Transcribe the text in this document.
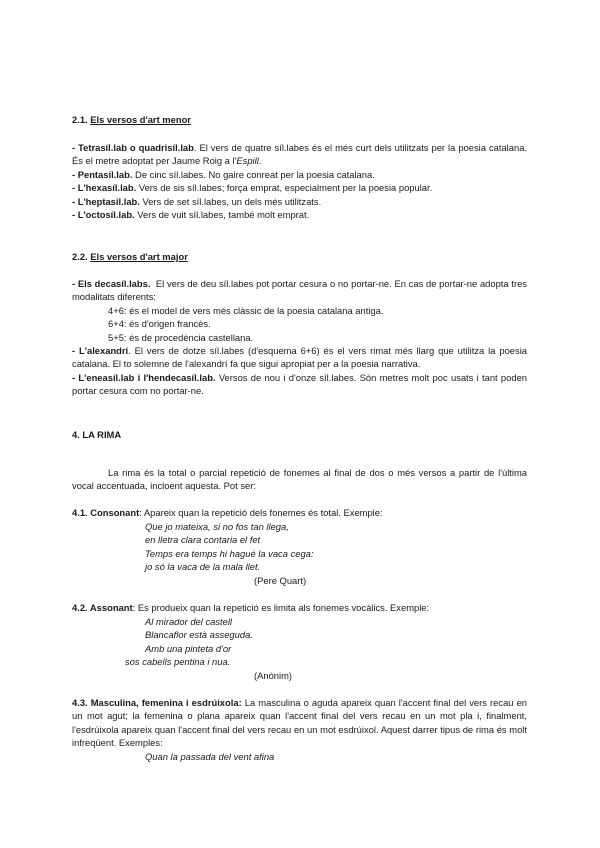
2.1. Els versos d'art menor

- Tetrasíl.lab o quadrisíl.lab. El vers de quatre síl.labes és el més curt dels utilitzats per la poesia catalana. És el metre adoptat per Jaume Roig a l'Espill.

- Pentasíl.lab. De cinc síl.labes. No gaire conreat per la poesia catalana.

- L'hexasíl.lab. Vers de sis síl.labes; força emprat, especialment per la poesia popular.

- L'heptasíl.lab. Vers de set síl.labes, un dels més utilitzats.

- L'octosíl.lab. Vers de vuit síl.labes, també molt emprat.

2.2. Els versos d'art major

- Els decasíl.labs.  El vers de deu síl.labes pot portar cesura o no portar-ne. En cas de portar-ne adopta tres modalitats diferents:

4+6: és el model de vers més clàssic de la poesia catalana antiga.

6+4: és d'origen francès.

5+5: és de procedència castellana.

- L'alexandrí. El vers de dotze síl.labes (d'esquema 6+6) és el vers rimat més llarg que utilitza la poesia catalana. El to solemne de l'alexandrí fa que sigui apropiat per a la poesia narrativa.

- L'eneasíl.lab i l'hendecasíl.lab. Versos de nou i d'onze síl.labes. Són metres molt poc usats i tant poden portar cesura com no portar-ne.

4. LA RIMA

La rima és la total o parcial repetició de fonemes al final de dos o més versos a partir de l'última vocal accentuada, incloent aquesta. Pot ser:

4.1. Consonant: Apareix quan la repetició dels fonemes és total. Exemple:

Que jo mateixa, si no fos tan llega,

en lletra clara contaria el fet

Temps era temps hi hagué la vaca cega:

jo só la vaca de la mala llet.

(Pere Quart)

4.2. Assonant: Es produeix quan la repetició es limita als fonemes vocàlics. Exemple:

Al mirador del castell

Blancaflor està asseguda.

Amb una pinteta d'or

sos cabells pentina i nua.

(Anònim)

4.3. Masculina, femenina i esdrúixola: La masculina o aguda apareix quan l'accent final del vers recau en un mot agut; la femenina o plana apareix quan l'accent final del vers recau en un mot pla i, finalment, l'esdrúixola apareix quan l'accent final del vers recau en un mot esdrúixol. Aquest darrer tipus de rima és molt infreqüent. Exemples:

Quan la passada del vent afina
